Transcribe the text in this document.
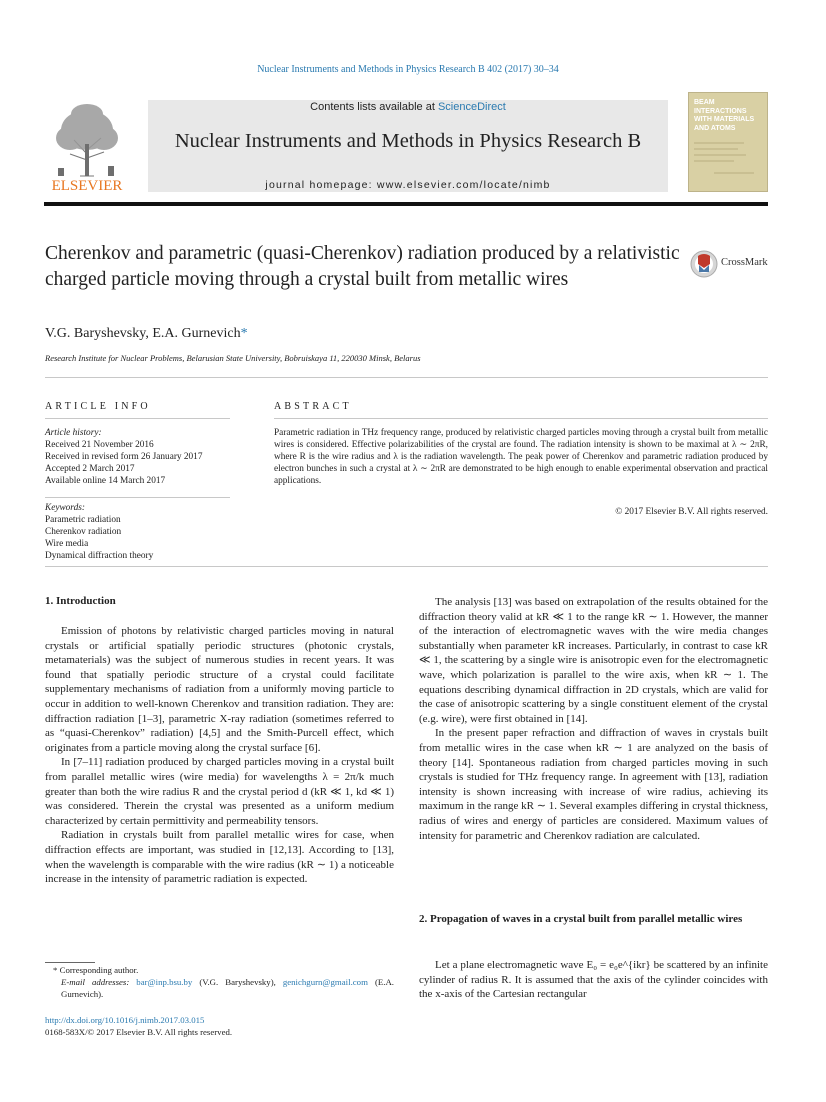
Nuclear Instruments and Methods in Physics Research B 402 (2017) 30–34
ELSEVIER
Contents lists available at ScienceDirect
Nuclear Instruments and Methods in Physics Research B
journal homepage: www.elsevier.com/locate/nimb
BEAM INTERACTIONS WITH MATERIALS AND ATOMS
Cherenkov and parametric (quasi-Cherenkov) radiation produced by a relativistic charged particle moving through a crystal built from metallic wires
CrossMark
V.G. Baryshevsky, E.A. Gurnevich*
Research Institute for Nuclear Problems, Belarusian State University, Bobruiskaya 11, 220030 Minsk, Belarus
ARTICLE INFO
Article history:
Received 21 November 2016
Received in revised form 26 January 2017
Accepted 2 March 2017
Available online 14 March 2017
Keywords:
Parametric radiation
Cherenkov radiation
Wire media
Dynamical diffraction theory
ABSTRACT
Parametric radiation in THz frequency range, produced by relativistic charged particles moving through a crystal built from metallic wires is considered. Effective polarizabilities of the crystal are found. The radiation intensity is shown to be maximal at λ ∼ 2πR, where R is the wire radius and λ is the radiation wavelength. The peak power of Cherenkov and parametric radiation produced by electron bunches in such a crystal at λ ∼ 2πR are demonstrated to be high enough to enable experimental observation and practical applications.
© 2017 Elsevier B.V. All rights reserved.
1. Introduction

Emission of photons by relativistic charged particles moving in natural crystals or artificial spatially periodic structures (photonic crystals, metamaterials) was the subject of numerous studies in recent years. It was found that spatially periodic structure of a crystal could facilitate supplementary mechanisms of radiation from a uniformly moving particle to occur in addition to well-known Cherenkov and transition radiation. They are: diffraction radiation [1–3], parametric X-ray radiation (sometimes referred to as “quasi-Cherenkov” radiation) [4,5] and the Smith-Purcell effect, which originates from a particle moving along the crystal surface [6].

In [7–11] radiation produced by charged particles moving in a crystal built from parallel metallic wires (wire media) for wavelengths λ = 2π/k much greater than both the wire radius R and the crystal period d (kR ≪ 1, kd ≪ 1) was considered. Therein the crystal was presented as a uniform medium characterized by certain permittivity and permeability tensors.

Radiation in crystals built from parallel metallic wires for case, when diffraction effects are important, was studied in [12,13]. According to [13], when the wavelength is comparable with the wire radius (kR ∼ 1) a noticeable increase in the intensity of parametric radiation is expected.

* Corresponding author.
E-mail addresses: bar@inp.bsu.by (V.G. Baryshevsky), genichgurn@gmail.com (E.A. Gurnevich).
http://dx.doi.org/10.1016/j.nimb.2017.03.015
0168-583X/© 2017 Elsevier B.V. All rights reserved.

The analysis [13] was based on extrapolation of the results obtained for the diffraction theory valid at kR ≪ 1 to the range kR ∼ 1. However, the manner of the interaction of electromagnetic waves with the wire media changes substantially when parameter kR increases. Particularly, in contrast to case kR ≪ 1, the scattering by a single wire is anisotropic even for the electromagnetic wave, which polarization is parallel to the wire axis, when kR ∼ 1. The equations describing dynamical diffraction in 2D crystals, which are valid for the case of anisotropic scattering by a single constituent element of the crystal (e.g. wire), were first obtained in [14].

In the present paper refraction and diffraction of waves in crystals built from metallic wires in the case when kR ∼ 1 are analyzed on the basis of theory [14]. Spontaneous radiation from charged particles moving in such crystals is studied for THz frequency range. In agreement with [13], radiation intensity is shown increasing with increase of wire radius, achieving its maximum in the range kR ∼ 1. Several examples differing in crystal thickness, radius of wires and energy of particles are considered. Maximum values of intensity for parametric and Cherenkov radiation are calculated.

2. Propagation of waves in a crystal built from parallel metallic wires

Let a plane electromagnetic wave E₀ = e₀e^{ikr} be scattered by an infinite cylinder of radius R. It is assumed that the axis of the cylinder coincides with the x-axis of the Cartesian rectangular
